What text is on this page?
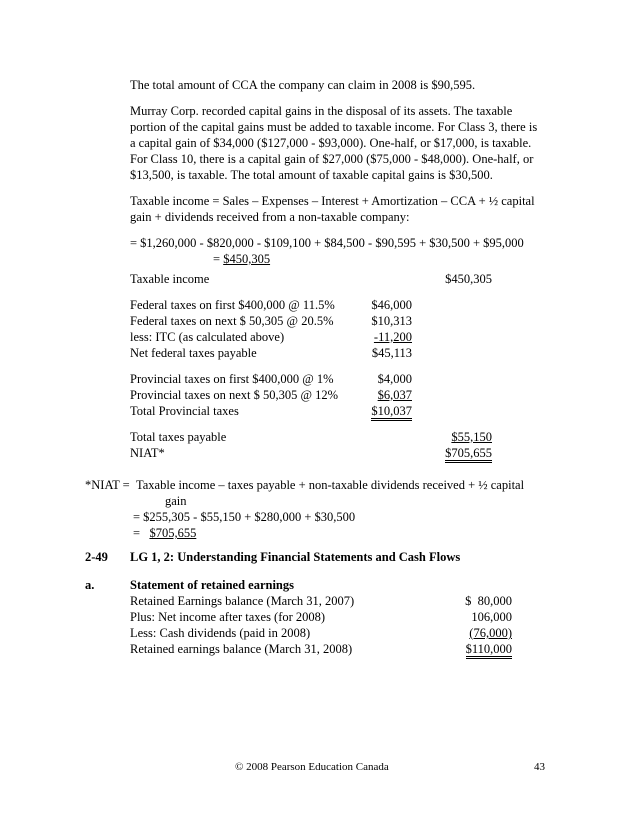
The total amount of CCA the company can claim in 2008 is $90,595.
Murray Corp. recorded capital gains in the disposal of its assets. The taxable
portion of the capital gains must be added to taxable income. For Class 3, there is
a capital gain of $34,000 ($127,000 - $93,000). One-half, or $17,000, is taxable.
For Class 10, there is a capital gain of $27,000 ($75,000 - $48,000). One-half, or
$13,500, is taxable. The total amount of taxable capital gains is $30,500.
Taxable income = Sales – Expenses – Interest + Amortization – CCA + ½ capital
gain + dividends received from a non-taxable company:
= $1,260,000 - $820,000 - $109,100 + $84,500 - $90,595 + $30,500 + $95,000
= $450,305
Taxable income	$450,305
Federal taxes on first $400,000 @ 11.5%	$46,000
Federal taxes on next $ 50,305 @ 20.5%	$10,313
less: ITC (as calculated above)	-11,200
Net federal taxes payable	$45,113
Provincial taxes on first $400,000 @ 1%	$4,000
Provincial taxes on next $ 50,305 @ 12%	$6,037
Total Provincial taxes	$10,037
Total taxes payable	$55,150
NIAT*	$705,655
*NIAT = Taxable income – taxes payable + non-taxable dividends received + ½ capital
gain
= $255,305 - $55,150 + $280,000 + $30,500
=   $705,655
2-49 LG 1, 2: Understanding Financial Statements and Cash Flows
a.	Statement of retained earnings
Retained Earnings balance (March 31, 2007)	$  80,000
Plus: Net income after taxes (for 2008)	106,000
Less: Cash dividends (paid in 2008)	(76,000)
Retained earnings balance (March 31, 2008)	$110,000
© 2008 Pearson Education Canada	43
